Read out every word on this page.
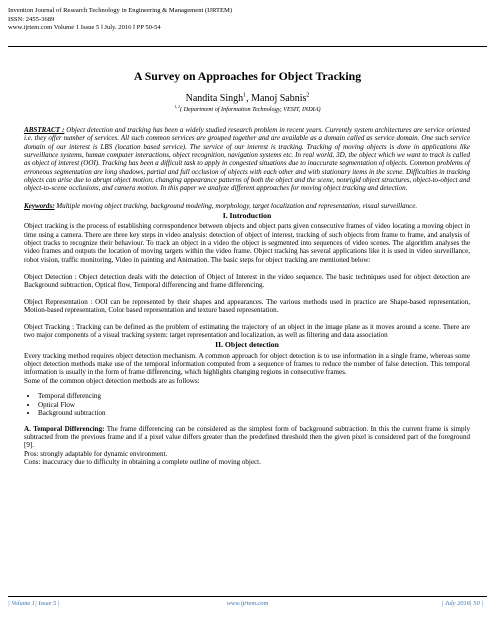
Invention Journal of Research Technology in Engineering & Management (IJRTEM)
ISSN: 2455-3689
www.ijrtem.com Volume 1 Issue 5 ǁ July. 2016 ǁ PP 50-54
A Survey on Approaches for Object Tracking
Nandita Singh$^1$, Manoj Sabnis$^2$
$^{1, 2}$( Department of Information Technology, VESIT, INDIA)

ABSTRACT : Object detection and tracking has been a widely studied research problem in recent years. Currently system architectures are service oriented i.e. they offer number of services. All such common services are grouped together and are available as a domain called as service domain. One such service domain of our interest is LBS (location based service). The service of our interest is tracking. Tracking of moving objects is done in applications like surveillance systems, human computer interactions, object recognition, navigation systems etc. In real world, 3D, the object which we want to track is called as object of interest (OOI). Tracking has been a difficult task to apply in congested situations due to inaccurate segmentation of objects. Common problems of erroneous segmentation are long shadows, partial and full occlusion of objects with each other and with stationary items in the scene. Difficulties in tracking objects can arise due to abrupt object motion, changing appearance patterns of both the object and the scene, nonrigid object structures, object-to-object and object-to-scene occlusions, and camera motion. In this paper we analyze different approaches for moving object tracking and detection.

Keywords: Multiple moving object tracking, background modeling, morphology, target localization and representation, visual surveillance.

I. Introduction

Object tracking is the process of establishing correspondence between objects and object parts given consecutive frames of video locating a moving object in time using a camera. There are three key steps in video analysis: detection of object of interest, tracking of such objects from frame to frame, and analysis of object tracks to recognize their behaviour. To track an object in a video the object is segmented into sequences of video scenes. The algorithm analyses the video frames and outputs the location of moving targets within the video frame. Object tracking has several applications like it is used in video surveillance, robot vision, traffic monitoring, Video in painting and Animation. The basic steps for object tracking are mentioned below:

Object Detection : Object detection deals with the detection of Object of Interest in the video sequence. The basic techniques used for object detection are Background subtraction, Optical flow, Temporal differencing and frame differencing.

Object Representation : OOI can be represented by their shapes and appearances. The various methods used in practice are Shape-based representation, Motion-based representation, Color based representation and texture based representation.

Object Tracking : Tracking can be defined as the problem of estimating the trajectory of an object in the image plane as it moves around a scene. There are two major components of a visual tracking system: target representation and localization, as well as filtering and data association

II. Object detection

Every tracking method requires object detection mechanism. A common approach for object detection is to use information in a single frame, whereas some object detection methods make use of the temporal information computed from a sequence of frames to reduce the number of false detection. This temporal information is usually in the form of frame differencing, which highlights changing regions in consecutive frames.

Some of the common object detection methods are as follows:

• Temporal differencing
• Optical Flow
• Background subtraction

A. Temporal Differencing: The frame differencing can be considered as the simplest form of background subtraction. In this the current frame is simply subtracted from the previous frame and if a pixel value differs greater than the predefined threshold then the given pixel is considered part of the foreground [9].

Pros: strongly adaptable for dynamic environment.

Cons: inaccuracy due to difficulty in obtaining a complete outline of moving object.

| Volume 1| Issue 5 |	www.ijrtem.com	| July 2016| 50 |
